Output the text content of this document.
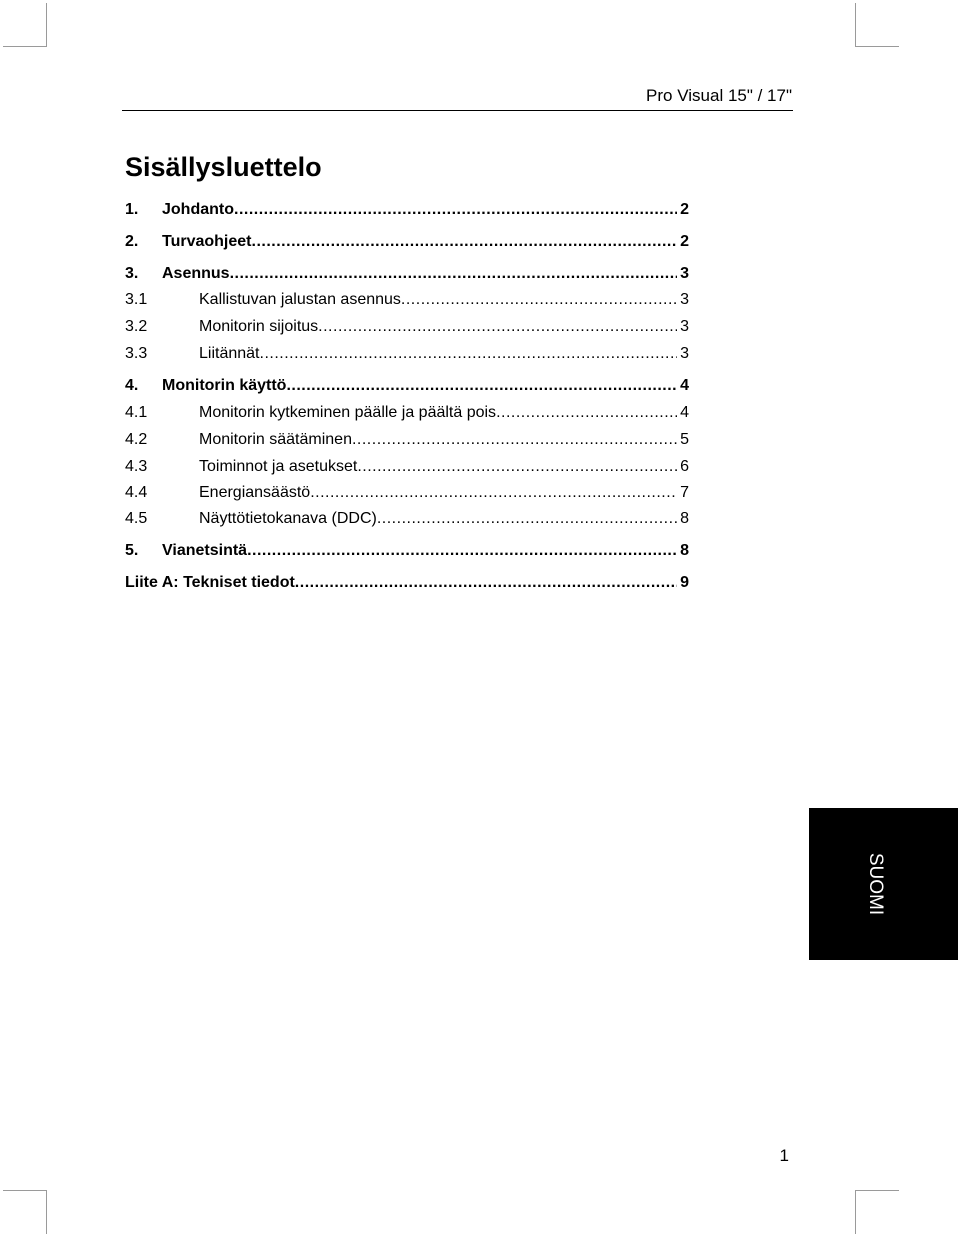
Pro Visual 15" / 17"
Sisällysluettelo
1.	Johdanto .....	2
2.	Turvaohjeet .....	2
3.	Asennus .....	3
3.1	Kallistuvan jalustan asennus .....	3
3.2	Monitorin sijoitus .....	3
3.3	Liitännät .....	3
4.	Monitorin käyttö .....	4
4.1	Monitorin kytkeminen päälle ja päältä pois .....	4
4.2	Monitorin säätäminen .....	5
4.3	Toiminnot ja asetukset .....	6
4.4	Energiansäästö .....	7
4.5	Näyttötietokanava (DDC) .....	8
5.	Vianetsintä .....	8
Liite A: Tekniset tiedot .....	9
SUOMI
1
